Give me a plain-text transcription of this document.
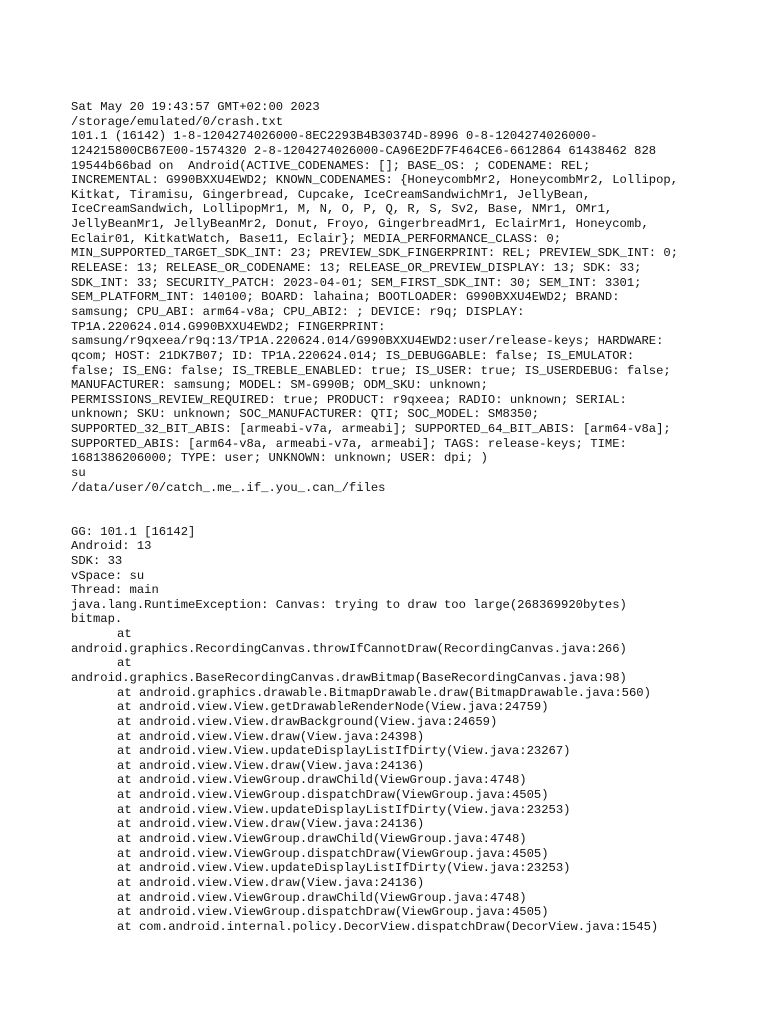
Sat May 20 19:43:57 GMT+02:00 2023
/storage/emulated/0/crash.txt
101.1 (16142) 1-8-1204274026000-8EC2293B4B30374D-8996 0-8-1204274026000-
124215800CB67E00-1574320 2-8-1204274026000-CA96E2DF7F464CE6-6612864 61438462 828
19544b66bad on  Android(ACTIVE_CODENAMES: []; BASE_OS: ; CODENAME: REL;
INCREMENTAL: G990BXXU4EWD2; KNOWN_CODENAMES: {HoneycombMr2, HoneycombMr2, Lollipop,
Kitkat, Tiramisu, Gingerbread, Cupcake, IceCreamSandwichMr1, JellyBean,
IceCreamSandwich, LollipopMr1, M, N, O, P, Q, R, S, Sv2, Base, NMr1, OMr1,
JellyBeanMr1, JellyBeanMr2, Donut, Froyo, GingerbreadMr1, EclairMr1, Honeycomb,
Eclair01, KitkatWatch, Base11, Eclair}; MEDIA_PERFORMANCE_CLASS: 0;
MIN_SUPPORTED_TARGET_SDK_INT: 23; PREVIEW_SDK_FINGERPRINT: REL; PREVIEW_SDK_INT: 0;
RELEASE: 13; RELEASE_OR_CODENAME: 13; RELEASE_OR_PREVIEW_DISPLAY: 13; SDK: 33;
SDK_INT: 33; SECURITY_PATCH: 2023-04-01; SEM_FIRST_SDK_INT: 30; SEM_INT: 3301;
SEM_PLATFORM_INT: 140100; BOARD: lahaina; BOOTLOADER: G990BXXU4EWD2; BRAND:
samsung; CPU_ABI: arm64-v8a; CPU_ABI2: ; DEVICE: r9q; DISPLAY:
TP1A.220624.014.G990BXXU4EWD2; FINGERPRINT:
samsung/r9qxeea/r9q:13/TP1A.220624.014/G990BXXU4EWD2:user/release-keys; HARDWARE:
qcom; HOST: 21DK7B07; ID: TP1A.220624.014; IS_DEBUGGABLE: false; IS_EMULATOR:
false; IS_ENG: false; IS_TREBLE_ENABLED: true; IS_USER: true; IS_USERDEBUG: false;
MANUFACTURER: samsung; MODEL: SM-G990B; ODM_SKU: unknown;
PERMISSIONS_REVIEW_REQUIRED: true; PRODUCT: r9qxeea; RADIO: unknown; SERIAL:
unknown; SKU: unknown; SOC_MANUFACTURER: QTI; SOC_MODEL: SM8350;
SUPPORTED_32_BIT_ABIS: [armeabi-v7a, armeabi]; SUPPORTED_64_BIT_ABIS: [arm64-v8a];
SUPPORTED_ABIS: [arm64-v8a, armeabi-v7a, armeabi]; TAGS: release-keys; TIME:
1681386206000; TYPE: user; UNKNOWN: unknown; USER: dpi; )
su
/data/user/0/catch_.me_.if_.you_.can_/files
GG: 101.1 [16142]
Android: 13
SDK: 33
vSpace: su
Thread: main
java.lang.RuntimeException: Canvas: trying to draw too large(268369920bytes)
bitmap.
at
android.graphics.RecordingCanvas.throwIfCannotDraw(RecordingCanvas.java:266)
at
android.graphics.BaseRecordingCanvas.drawBitmap(BaseRecordingCanvas.java:98)
at android.graphics.drawable.BitmapDrawable.draw(BitmapDrawable.java:560)
at android.view.View.getDrawableRenderNode(View.java:24759)
at android.view.View.drawBackground(View.java:24659)
at android.view.View.draw(View.java:24398)
at android.view.View.updateDisplayListIfDirty(View.java:23267)
at android.view.View.draw(View.java:24136)
at android.view.ViewGroup.drawChild(ViewGroup.java:4748)
at android.view.ViewGroup.dispatchDraw(ViewGroup.java:4505)
at android.view.View.updateDisplayListIfDirty(View.java:23253)
at android.view.View.draw(View.java:24136)
at android.view.ViewGroup.drawChild(ViewGroup.java:4748)
at android.view.ViewGroup.dispatchDraw(ViewGroup.java:4505)
at android.view.View.updateDisplayListIfDirty(View.java:23253)
at android.view.View.draw(View.java:24136)
at android.view.ViewGroup.drawChild(ViewGroup.java:4748)
at android.view.ViewGroup.dispatchDraw(ViewGroup.java:4505)
at com.android.internal.policy.DecorView.dispatchDraw(DecorView.java:1545)
